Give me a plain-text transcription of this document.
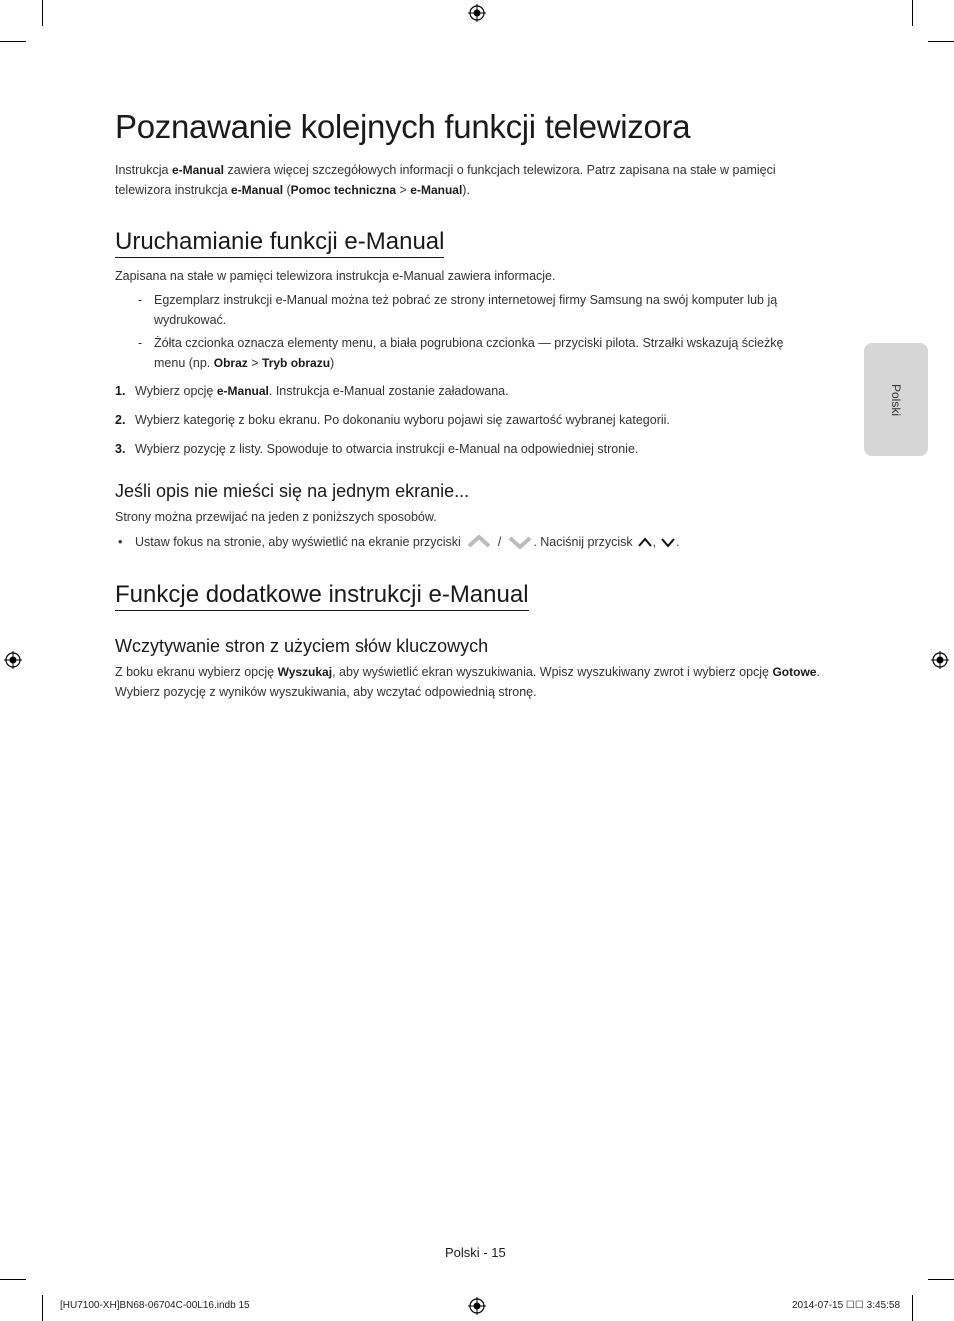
Poznawanie kolejnych funkcji telewizora
Instrukcja e-Manual zawiera więcej szczegółowych informacji o funkcjach telewizora. Patrz zapisana na stałe w pamięci
telewizora instrukcja e-Manual (Pomoc techniczna > e-Manual).
Uruchamianie funkcji e-Manual
Zapisana na stałe w pamięci telewizora instrukcja e-Manual zawiera informacje.
- Egzemplarz instrukcji e-Manual można też pobrać ze strony internetowej firmy Samsung na swój komputer lub ją
wydrukować.
- Żółta czcionka oznacza elementy menu, a biała pogrubiona czcionka — przyciski pilota. Strzałki wskazują ścieżkę
menu (np. Obraz > Tryb obrazu)
1. Wybierz opcję e-Manual. Instrukcja e-Manual zostanie załadowana.
2. Wybierz kategorię z boku ekranu. Po dokonaniu wyboru pojawi się zawartość wybranej kategorii.
3. Wybierz pozycję z listy. Spowoduje to otwarcia instrukcji e-Manual na odpowiedniej stronie.
Jeśli opis nie mieści się na jednym ekranie...
Strony można przewijać na jeden z poniższych sposobów.
• Ustaw fokus na stronie, aby wyświetlić na ekranie przyciski	/	. Naciśnij przycisk , .
Funkcje dodatkowe instrukcji e-Manual
Wczytywanie stron z użyciem słów kluczowych
Z boku ekranu wybierz opcję Wyszukaj, aby wyświetlić ekran wyszukiwania. Wpisz wyszukiwany zwrot i wybierz opcję Gotowe.
Wybierz pozycję z wyników wyszukiwania, aby wczytać odpowiednią stronę.
Polski
Polski - 15
[HU7100-XH]BN68-06704C-00L16.indb 15	2014-07-15 ☐☐ 3:45:58
